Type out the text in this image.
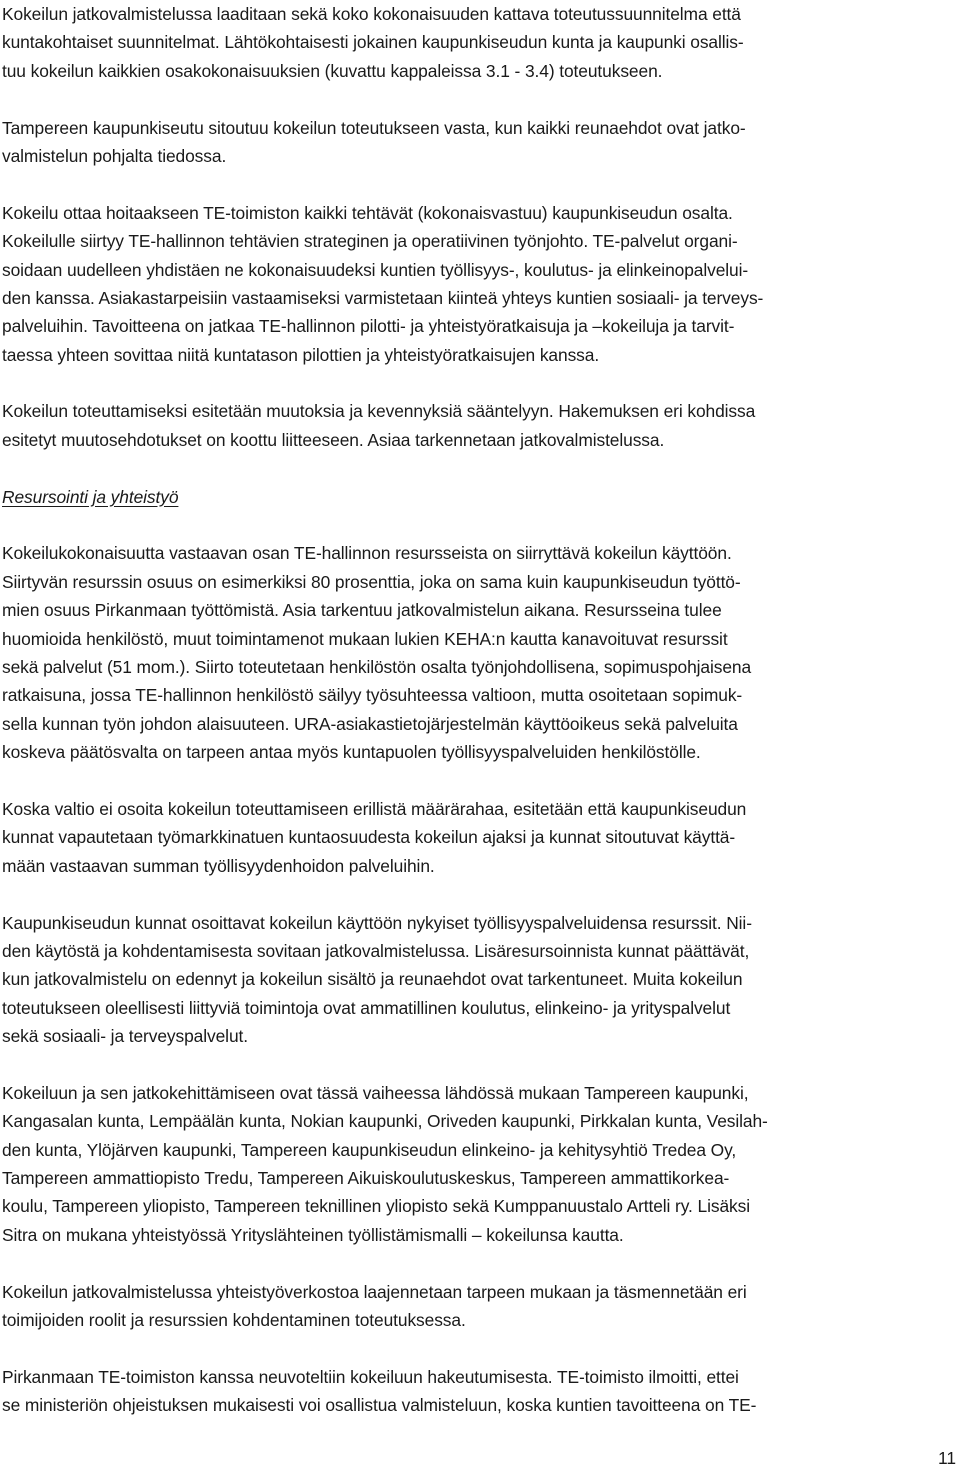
Kokeilun jatkovalmistelussa laaditaan sekä koko kokonaisuuden kattava toteutussuunnitelma että
kuntakohtaiset suunnitelmat. Lähtökohtaisesti jokainen kaupunkiseudun kunta ja kaupunki osallis-
tuu kokeilun kaikkien osakokonaisuuksien (kuvattu kappaleissa 3.1 - 3.4) toteutukseen.
Tampereen kaupunkiseutu sitoutuu kokeilun toteutukseen vasta, kun kaikki reunaehdot ovat jatko-
valmistelun pohjalta tiedossa.
Kokeilu ottaa hoitaakseen TE-toimiston kaikki tehtävät (kokonaisvastuu) kaupunkiseudun osalta.
Kokeilulle siirtyy TE-hallinnon tehtävien strateginen ja operatiivinen työnjohto. TE-palvelut organi-
soidaan uudelleen yhdistäen ne kokonaisuudeksi kuntien työllisyys-, koulutus- ja elinkeinopalvelui-
den kanssa. Asiakastarpeisiin vastaamiseksi varmistetaan kiinteä yhteys kuntien sosiaali- ja terveys-
palveluihin. Tavoitteena on jatkaa TE-hallinnon pilotti- ja yhteistyöratkaisuja ja –kokeiluja ja tarvit-
taessa yhteen sovittaa niitä kuntatason pilottien ja yhteistyöratkaisujen kanssa.
Kokeilun toteuttamiseksi esitetään muutoksia ja kevennyksiä sääntelyyn. Hakemuksen eri kohdissa
esitetyt muutosehdotukset on koottu liitteeseen. Asiaa tarkennetaan jatkovalmistelussa.
Resursointi ja yhteistyö
Kokeilukokonaisuutta vastaavan osan TE-hallinnon resursseista on siirryttävä kokeilun käyttöön.
Siirtyvän resurssin osuus on esimerkiksi 80 prosenttia, joka on sama kuin kaupunkiseudun työttö-
mien osuus Pirkanmaan työttömistä. Asia tarkentuu jatkovalmistelun aikana. Resursseina tulee
huomioida henkilöstö, muut toimintamenot mukaan lukien KEHA:n kautta kanavoituvat resurssit
sekä palvelut (51 mom.). Siirto toteutetaan henkilöstön osalta työnjohdollisena, sopimuspohjaisena
ratkaisuna, jossa TE-hallinnon henkilöstö säilyy työsuhteessa valtioon, mutta osoitetaan sopimuk-
sella kunnan työn johdon alaisuuteen. URA-asiakastietojärjestelmän käyttöoikeus sekä palveluita
koskeva päätösvalta on tarpeen antaa myös kuntapuolen työllisyyspalveluiden henkilöstölle.
Koska valtio ei osoita kokeilun toteuttamiseen erillistä määrärahaa, esitetään että kaupunkiseudun
kunnat vapautetaan työmarkkinatuen kuntaosuudesta kokeilun ajaksi ja kunnat sitoutuvat käyttä-
mään vastaavan summan työllisyydenhoidon palveluihin.
Kaupunkiseudun kunnat osoittavat kokeilun käyttöön nykyiset työllisyyspalveluidensa resurssit. Nii-
den käytöstä ja kohdentamisesta sovitaan jatkovalmistelussa. Lisäresursoinnista kunnat päättävät,
kun jatkovalmistelu on edennyt ja kokeilun sisältö ja reunaehdot ovat tarkentuneet. Muita kokeilun
toteutukseen oleellisesti liittyviä toimintoja ovat ammatillinen koulutus, elinkeino- ja yrityspalvelut
sekä sosiaali- ja terveyspalvelut.
Kokeiluun ja sen jatkokehittämiseen ovat tässä vaiheessa lähdössä mukaan Tampereen kaupunki,
Kangasalan kunta, Lempäälän kunta, Nokian kaupunki, Oriveden kaupunki, Pirkkalan kunta, Vesilah-
den kunta, Ylöjärven kaupunki, Tampereen kaupunkiseudun elinkeino- ja kehitysyhtiö Tredea Oy,
Tampereen ammattiopisto Tredu, Tampereen Aikuiskoulutuskeskus, Tampereen ammattikorkea-
koulu, Tampereen yliopisto, Tampereen teknillinen yliopisto sekä Kumppanuustalo Artteli ry. Lisäksi
Sitra on mukana yhteistyössä Yrityslähteinen työllistämismalli – kokeilunsa kautta.
Kokeilun jatkovalmistelussa yhteistyöverkostoa laajennetaan tarpeen mukaan ja täsmennetään eri
toimijoiden roolit ja resurssien kohdentaminen toteutuksessa.
Pirkanmaan TE-toimiston kanssa neuvoteltiin kokeiluun hakeutumisesta. TE-toimisto ilmoitti, ettei
se ministeriön ohjeistuksen mukaisesti voi osallistua valmisteluun, koska kuntien tavoitteena on TE-
11
